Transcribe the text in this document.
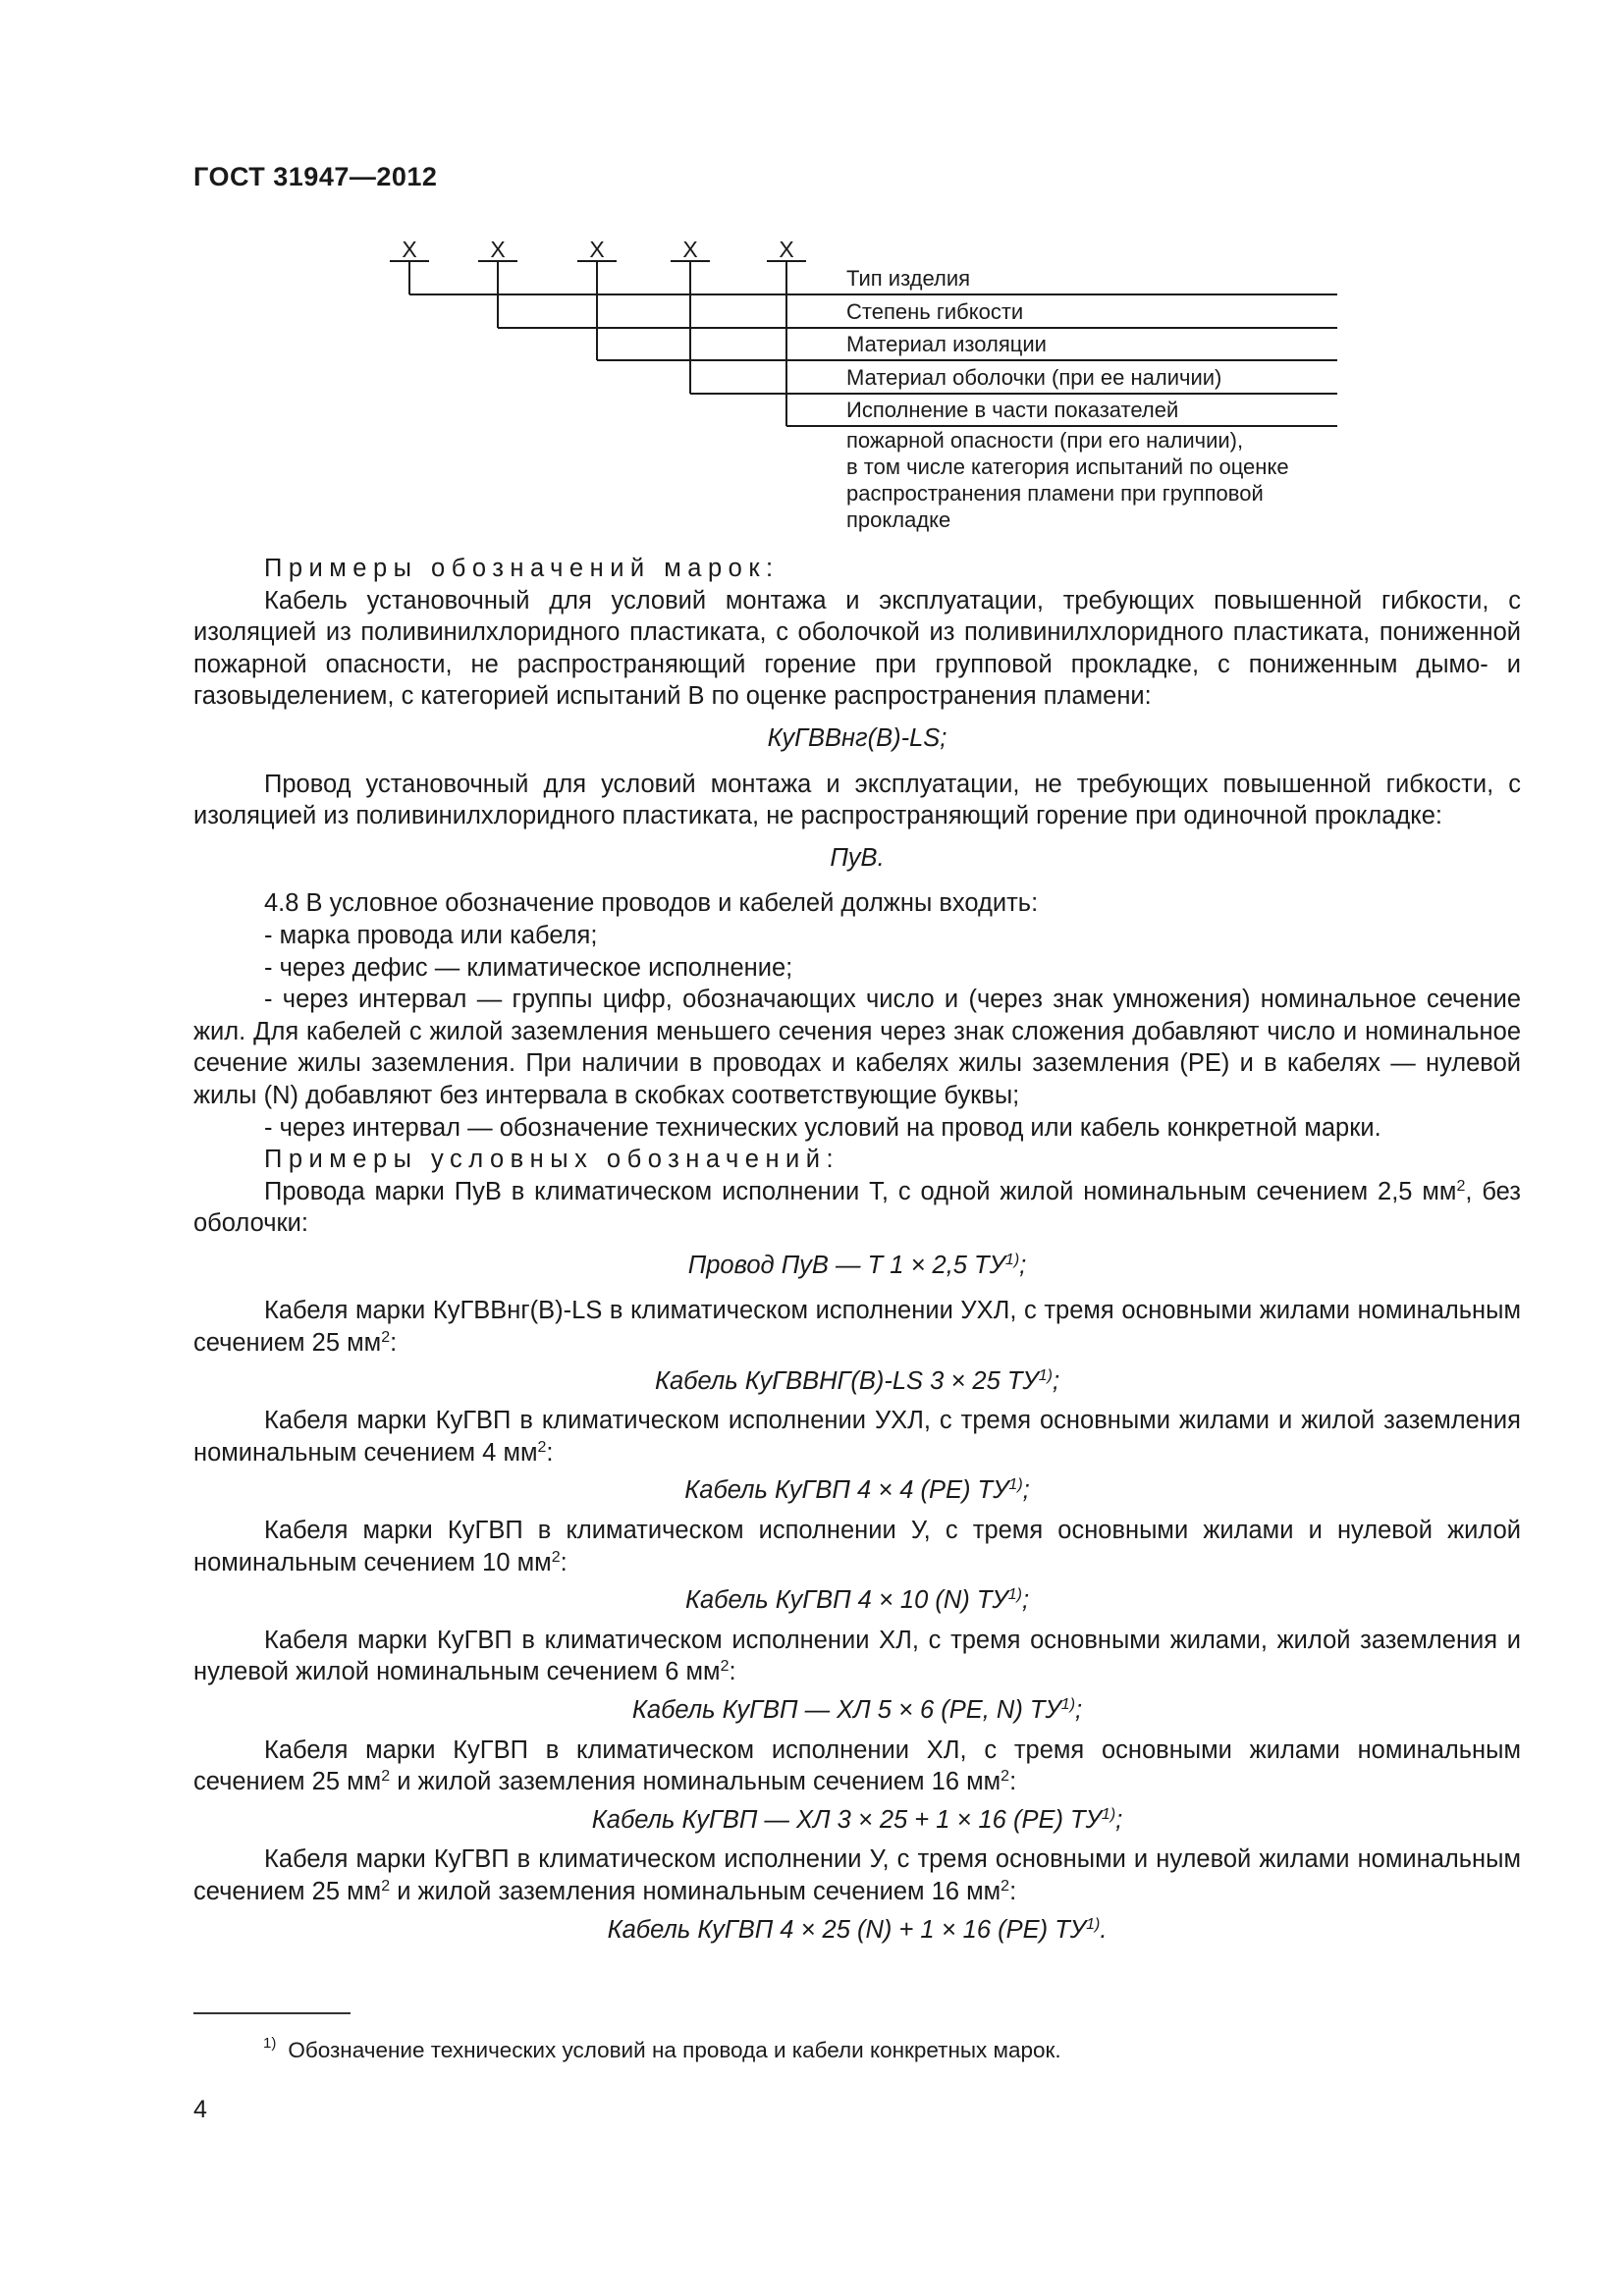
ГОСТ 31947—2012
X	X	X	X	X
Тип изделия
Степень гибкости
Материал изоляции
Материал оболочки (при ее наличии)
Исполнение в части показателей
пожарной опасности (при его наличии),
в том числе категория испытаний по оценке
распространения пламени при групповой
прокладке

Примеры обозначений марок:

Кабель установочный для условий монтажа и эксплуатации, требующих повышенной гибкости, с изоляцией из поливинилхлоридного пластиката, с оболочкой из поливинилхлоридного пластиката, пониженной пожарной опасности, не распространяющий горение при групповой прокладке, с пониженным дымо- и газовыделением, с категорией испытаний В по оценке распространения пламени:

КуГВВнг(В)-LS;

Провод установочный для условий монтажа и эксплуатации, не требующих повышенной гибкости, с изоляцией из поливинилхлоридного пластиката, не распространяющий горение при одиночной прокладке:

ПуВ.

4.8 В условное обозначение проводов и кабелей должны входить:

- марка провода или кабеля;

- через дефис — климатическое исполнение;

- через интервал — группы цифр, обозначающих число и (через знак умножения) номинальное сечение жил. Для кабелей с жилой заземления меньшего сечения через знак сложения добавляют число и номинальное сечение жилы заземления. При наличии в проводах и кабелях жилы заземления (PE) и в кабелях — нулевой жилы (N) добавляют без интервала в скобках соответствующие буквы;

- через интервал — обозначение технических условий на провод или кабель конкретной марки.

Примеры условных обозначений:

Провода марки ПуВ в климатическом исполнении Т, с одной жилой номинальным сечением 2,5 $мм^2$, без оболочки:

Провод ПуВ — Т 1 × 2,5 ТУ$^{1)}$;

Кабеля марки КуГВВнг(В)-LS в климатическом исполнении УХЛ, с тремя основными жилами номинальным сечением 25 $мм^2$:

Кабель КуГВВНГ(В)-LS 3 × 25 ТУ$^{1)}$;

Кабеля марки КуГВП в климатическом исполнении УХЛ, с тремя основными жилами и жилой заземления номинальным сечением 4 $мм^2$:

Кабель КуГВП 4 × 4 (PE) ТУ$^{1)}$;

Кабеля марки КуГВП в климатическом исполнении У, с тремя основными жилами и нулевой жилой номинальным сечением 10 $мм^2$:

Кабель КуГВП 4 × 10 (N) ТУ$^{1)}$;

Кабеля марки КуГВП в климатическом исполнении ХЛ, с тремя основными жилами, жилой заземления и нулевой жилой номинальным сечением 6 $мм^2$:

Кабель КуГВП — ХЛ 5 × 6 (PE, N) ТУ$^{1)}$;

Кабеля марки КуГВП в климатическом исполнении ХЛ, с тремя основными жилами номинальным сечением 25 $мм^2$ и жилой заземления номинальным сечением 16 $мм^2$:

Кабель КуГВП — ХЛ 3 × 25 + 1 × 16 (PE) ТУ$^{1)}$;

Кабеля марки КуГВП в климатическом исполнении У, с тремя основными и нулевой жилами номинальным сечением 25 $мм^2$ и жилой заземления номинальным сечением 16 $мм^2$:

Кабель КуГВП 4 × 25 (N) + 1 × 16 (PE) ТУ$^{1)}$.

$^{1)}$ Обозначение технических условий на провода и кабели конкретных марок.
4
